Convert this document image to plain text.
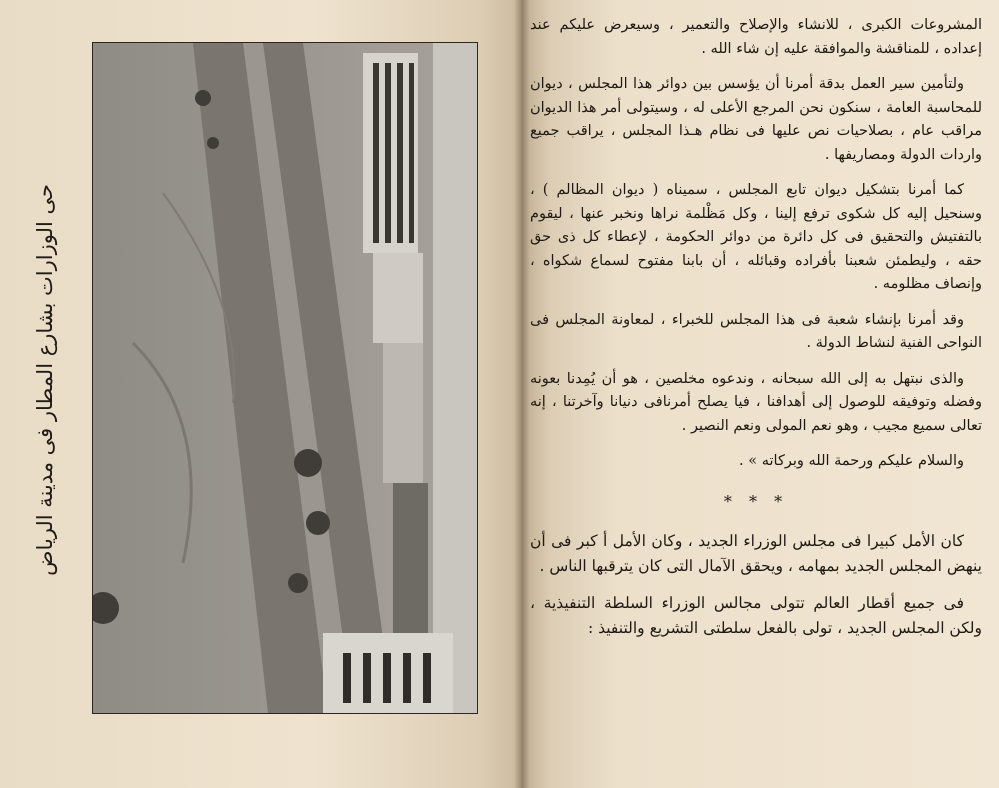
حى الوزارات بشارع المطار فى مدينة الرياض

المشروعات الكبرى ، للانشاء والإصلاح والتعمير ، وسيعرض عليكم عند إعداده ، للمناقشة والموافقة عليه إن شاء الله .

ولتأمين سير العمل بدقة أمرنا أن يؤسس بين دوائر هذا المجلس ، ديوان للمحاسبة العامة ، سنكون نحن المرجع الأعلى له ، وسيتولى أمر هذا الديوان مراقب عام ، بصلاحيات نص عليها فى نظام هـذا المجلس ، يراقب جميع واردات الدولة ومصاريفها .

كما أمرنا بتشكيل ديوان تابع المجلس ، سميناه ( ديوان المظالم ) ، وسنحيل إليه كل شكوى ترفع إلينا ، وكل مَظْلمة نراها ونخبر عنها ، ليقوم بالتفتيش والتحقيق فى كل دائرة من دوائر الحكومة ، لإعطاء كل ذى حق حقه ، وليطمئن شعبنا بأفراده وقبائله ، أن بابنا مفتوح لسماع شكواه ، وإنصاف مظلومه .

وقد أمرنا بإنشاء شعبة فى هذا المجلس للخبراء ، لمعاونة المجلس فى النواحى الفنية لنشاط الدولة .

والذى نبتهل به إلى الله سبحانه ، وندعوه مخلصين ، هو أن يُمِدنا بعونه وفضله وتوفيقه للوصول إلى أهدافنا ، فيا يصلح أمرنافى دنيانا وآخرتنا ، إنه تعالى سميع مجيب ، وهو نعم المولى ونعم النصير .

والسلام عليكم ورحمة الله وبركاته » .

* * *

كان الأمل كبيرا فى مجلس الوزراء الجديد ، وكان الأمل أ كبر فى أن ينهض المجلس الجديد بمهامه ، ويحقق الآمال التى كان يترقبها الناس .

فى جميع أقطار العالم تتولى مجالس الوزراء السلطة التنفيذية ، ولكن المجلس الجديد ، تولى بالفعل سلطتى التشريع والتنفيذ :
